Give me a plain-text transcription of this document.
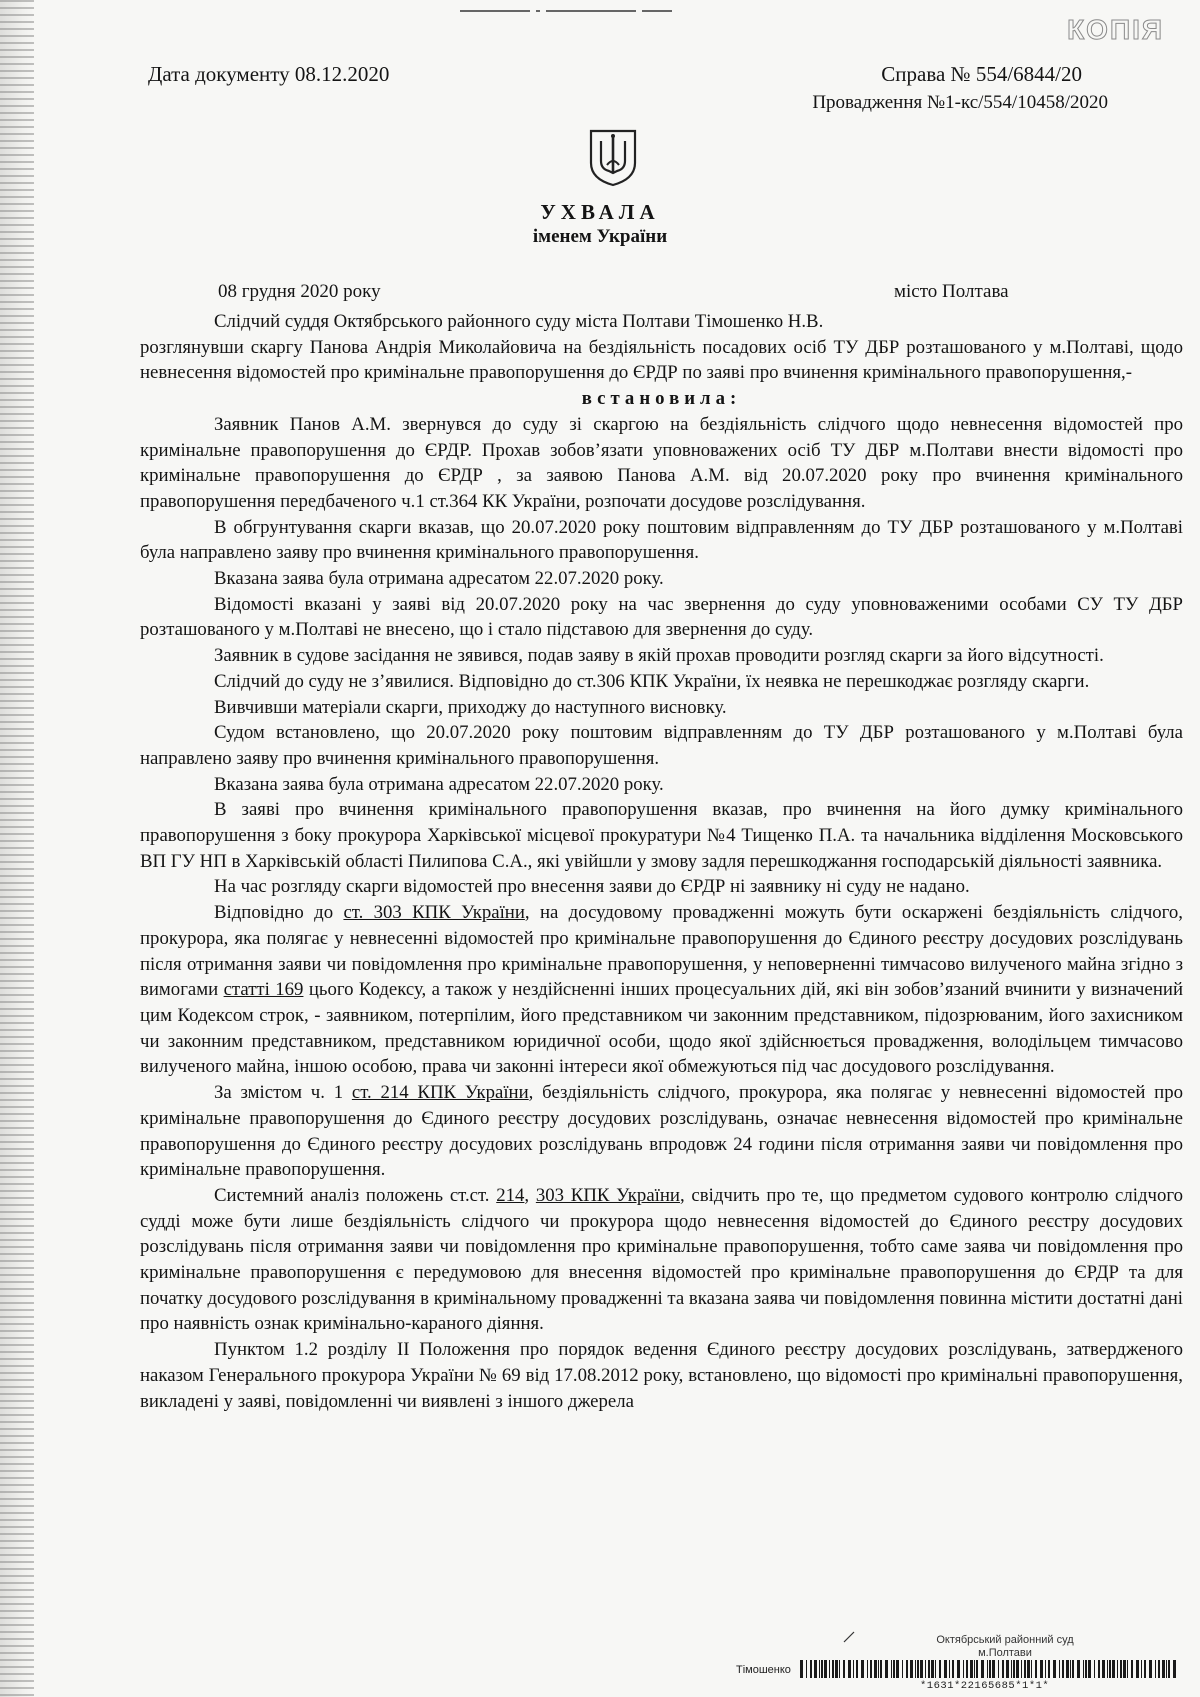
КОПІЯ
Дата документу 08.12.2020	Справа № 554/6844/20
Провадження №1-кс/554/10458/2020
УХВАЛА
іменем України
08 грудня 2020 року	місто Полтава

Слідчий суддя Октябрського районного суду міста Полтави Тімошенко Н.В.

розглянувши скаргу Панова Андрія Миколайовича на бездіяльність посадових осіб ТУ ДБР розташованого у м.Полтаві, щодо невнесення відомостей про кримінальне правопорушення до ЄРДР по заяві про вчинення кримінального правопорушення,-

встановила:

Заявник Панов А.М. звернувся до суду зі скаргою на бездіяльність слідчого щодо невнесення відомостей про кримінальне правопорушення до ЄРДР. Прохав зобов’язати уповноважених осіб ТУ ДБР м.Полтави внести відомості про кримінальне правопорушення до ЄРДР , за заявою Панова А.М. від 20.07.2020 року про вчинення кримінального правопорушення передбаченого ч.1 ст.364 КК України, розпочати досудове розслідування.

В обгрунтування скарги вказав, що 20.07.2020 року поштовим відправленням до ТУ ДБР розташованого у м.Полтаві була направлено заяву про вчинення кримінального правопорушення.

Вказана заява була отримана адресатом 22.07.2020 року.

Відомості вказані у заяві від 20.07.2020 року на час звернення до суду уповноваженими особами СУ ТУ ДБР розташованого у м.Полтаві не внесено, що і стало підставою для звернення до суду.

Заявник в судове засідання не зявився, подав заяву в якій прохав проводити розгляд скарги за його відсутності.

Слідчий до суду не з’явилися. Відповідно до ст.306 КПК України, їх неявка не перешкоджає розгляду скарги.

Вивчивши матеріали скарги, приходжу до наступного висновку.

Судом встановлено, що 20.07.2020 року поштовим відправленням до ТУ ДБР розташованого у м.Полтаві була направлено заяву про вчинення кримінального правопорушення.

Вказана заява була отримана адресатом 22.07.2020 року.

В заяві про вчинення кримінального правопорушення вказав, про вчинення на його думку кримінального правопорушення з боку прокурора Харківської місцевої прокуратури №4 Тищенко П.А. та начальника відділення Московського ВП ГУ НП в Харківській області Пилипова С.А., які увійшли у змову задля перешкоджання господарській діяльності заявника.

На час розгляду скарги відомостей про внесення заяви до ЄРДР ні заявнику ні суду не надано.

Відповідно до ст. 303 КПК України, на досудовому провадженні можуть бути оскаржені бездіяльність слідчого, прокурора, яка полягає у невнесенні відомостей про кримінальне правопорушення до Єдиного реєстру досудових розслідувань після отримання заяви чи повідомлення про кримінальне правопорушення, у неповерненні тимчасово вилученого майна згідно з вимогами статті 169 цього Кодексу, а також у нездійсненні інших процесуальних дій, які він зобов’язаний вчинити у визначений цим Кодексом строк, - заявником, потерпілим, його представником чи законним представником, підозрюваним, його захисником чи законним представником, представником юридичної особи, щодо якої здійснюється провадження, володільцем тимчасово вилученого майна, іншою особою, права чи законні інтереси якої обмежуються під час досудового розслідування.

За змістом ч. 1 ст. 214 КПК України, бездіяльність слідчого, прокурора, яка полягає у невнесенні відомостей про кримінальне правопорушення до Єдиного реєстру досудових розслідувань, означає невнесення відомостей про кримінальне правопорушення до Єдиного реєстру досудових розслідувань впродовж 24 години після отримання заяви чи повідомлення про кримінальне правопорушення.

Системний аналіз положень ст.ст. 214, 303 КПК України, свідчить про те, що предметом судового контролю слідчого судді може бути лише бездіяльність слідчого чи прокурора щодо невнесення відомостей до Єдиного реєстру досудових розслідувань після отримання заяви чи повідомлення про кримінальне правопорушення, тобто саме заява чи повідомлення про кримінальне правопорушення є передумовою для внесення відомостей про кримінальне правопорушення до ЄРДР та для початку досудового розслідування в кримінальному провадженні та вказана заява чи повідомлення повинна містити достатні дані про наявність ознак кримінально-караного діяння.

Пунктом 1.2 розділу II Положення про порядок ведення Єдиного реєстру досудових розслідувань, затвердженого наказом Генерального прокурора України № 69 від 17.08.2012 року, встановлено, що відомості про кримінальні правопорушення, викладені у заяві, повідомленні чи виявлені з іншого джерела

Октябрський районний суд
м.Полтави
Тімошенко
*1631*22165685*1*1*
